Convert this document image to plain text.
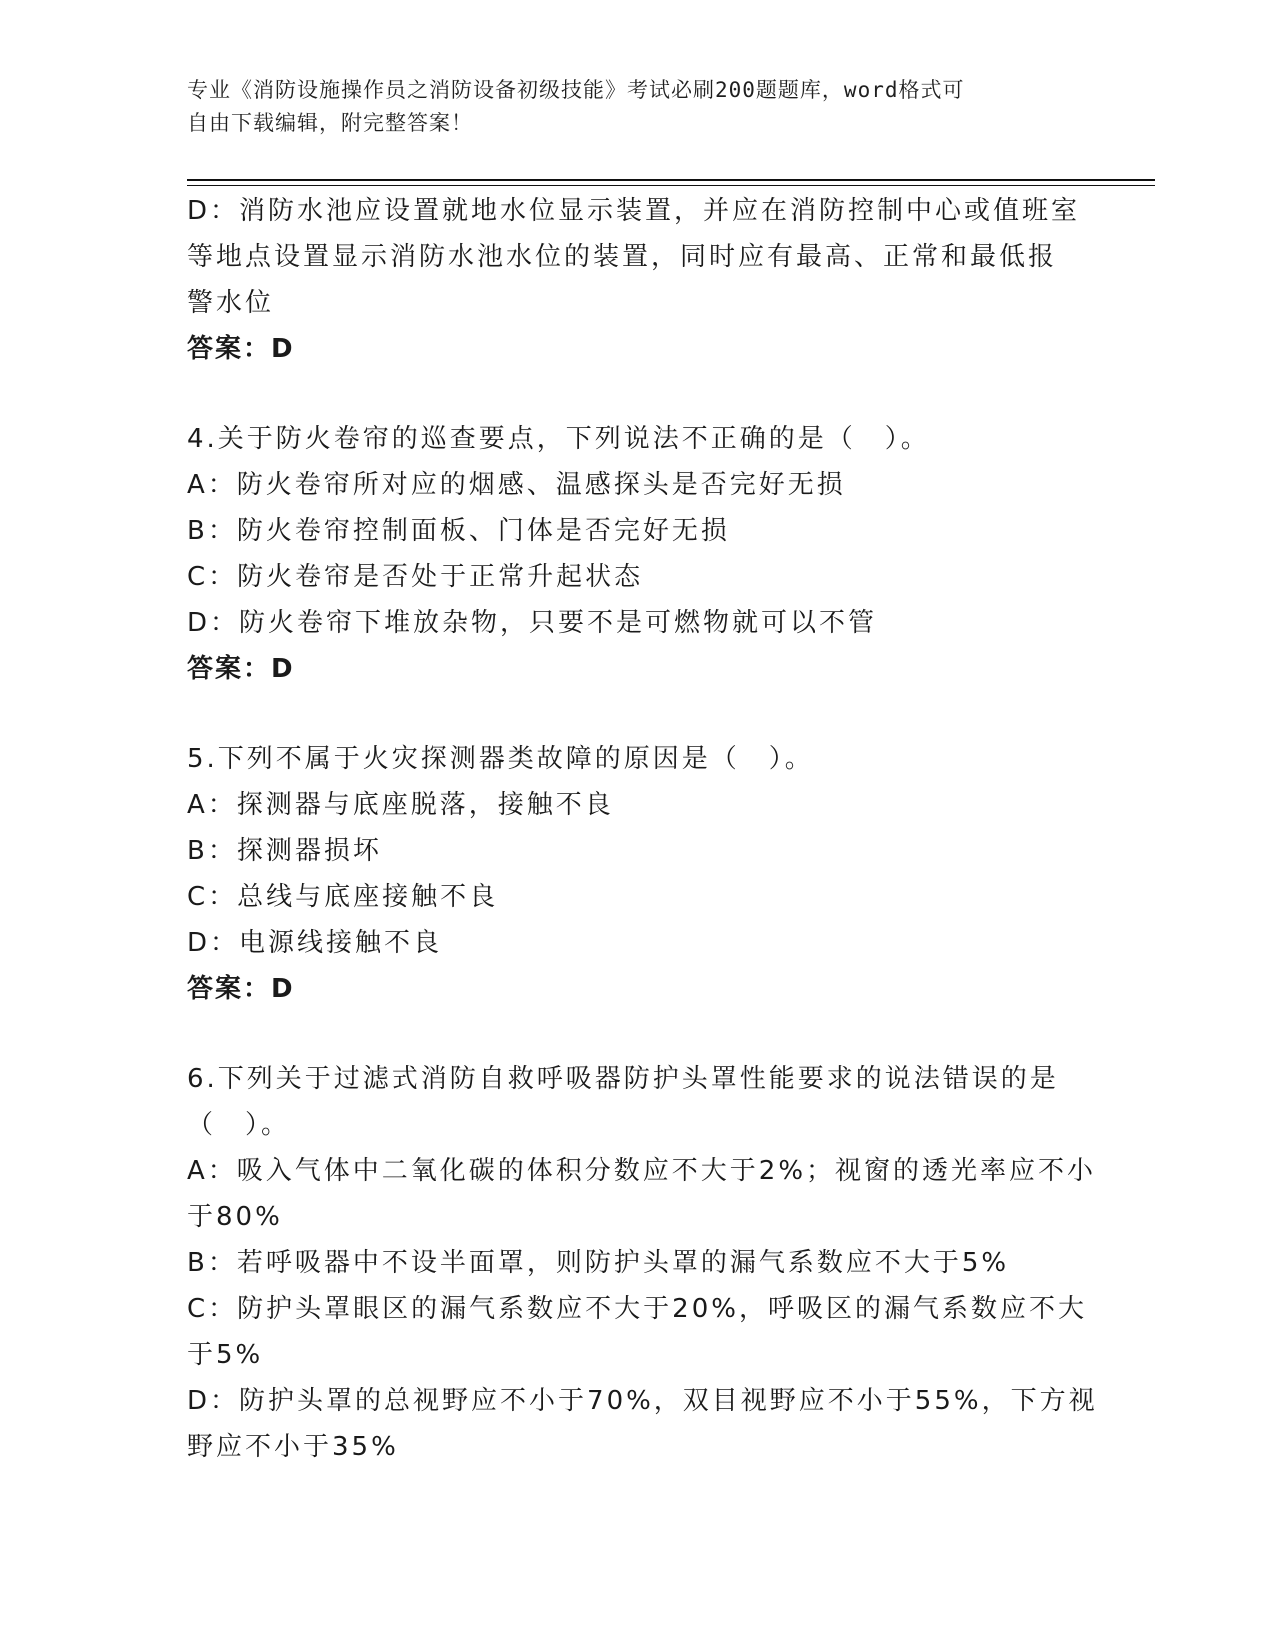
专业《消防设施操作员之消防设备初级技能》考试必刷200题题库，word格式可
自由下载编辑，附完整答案！
D：消防水池应设置就地水位显示装置，并应在消防控制中心或值班室
等地点设置显示消防水池水位的装置，同时应有最高、正常和最低报
警水位
答案：D
4.关于防火卷帘的巡查要点，下列说法不正确的是（　）。
A：防火卷帘所对应的烟感、温感探头是否完好无损
B：防火卷帘控制面板、门体是否完好无损
C：防火卷帘是否处于正常升起状态
D：防火卷帘下堆放杂物，只要不是可燃物就可以不管
答案：D
5.下列不属于火灾探测器类故障的原因是（　）。
A：探测器与底座脱落，接触不良
B：探测器损坏
C：总线与底座接触不良
D：电源线接触不良
答案：D
6.下列关于过滤式消防自救呼吸器防护头罩性能要求的说法错误的是
（　）。
A：吸入气体中二氧化碳的体积分数应不大于2%；视窗的透光率应不小
于80%
B：若呼吸器中不设半面罩，则防护头罩的漏气系数应不大于5%
C：防护头罩眼区的漏气系数应不大于20%，呼吸区的漏气系数应不大
于5%
D：防护头罩的总视野应不小于70%，双目视野应不小于55%，下方视
野应不小于35%
